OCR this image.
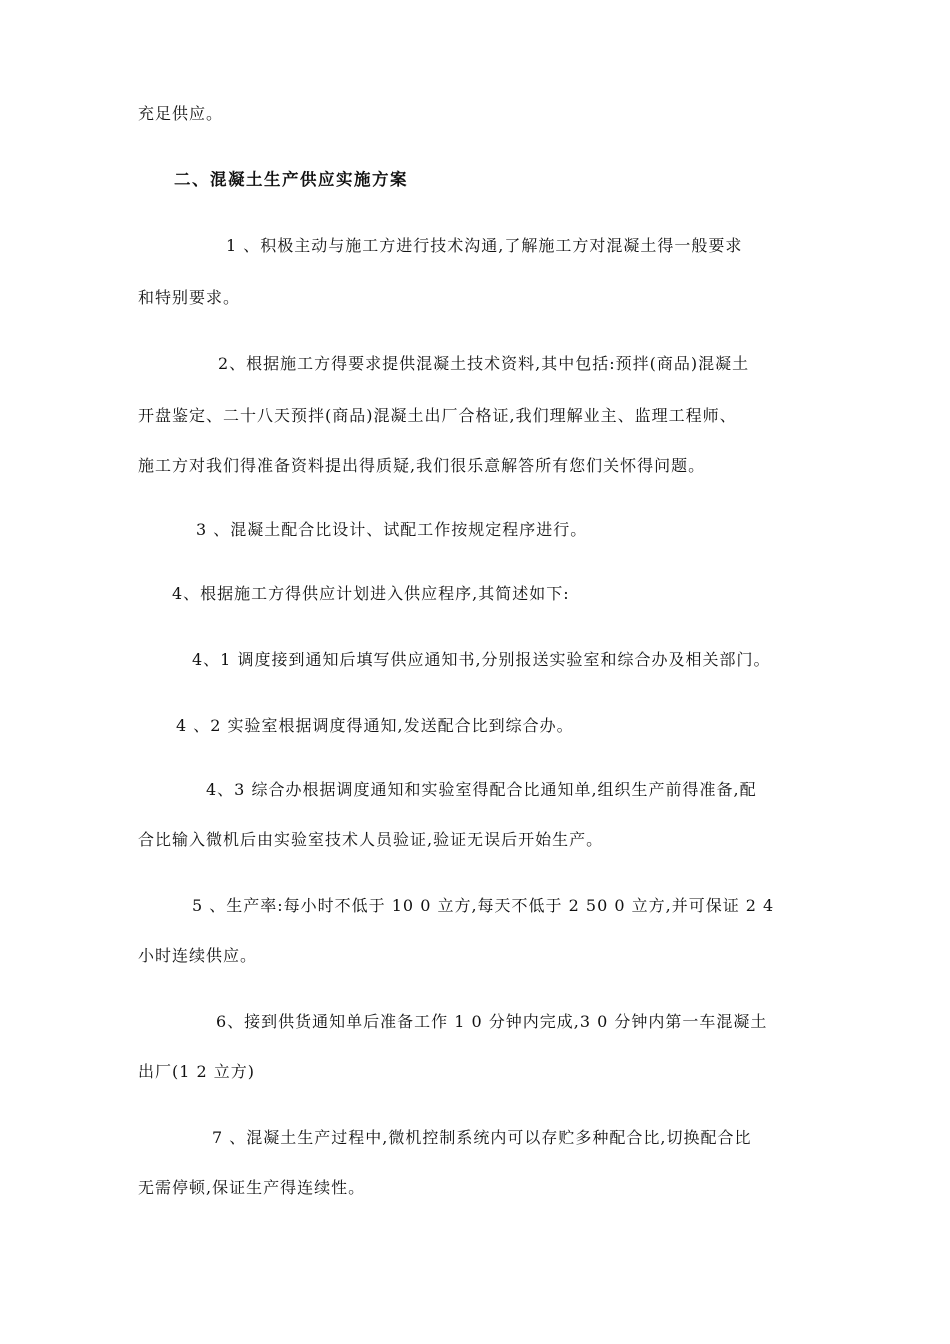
充足供应。
二、混凝土生产供应实施方案
1 、积极主动与施工方进行技术沟通,了解施工方对混凝土得一般要求
和特别要求。
2、根据施工方得要求提供混凝土技术资料,其中包括:预拌(商品)混凝土
开盘鉴定、二十八天预拌(商品)混凝土出厂合格证,我们理解业主、监理工程师、
施工方对我们得准备资料提出得质疑,我们很乐意解答所有您们关怀得问题。
3 、混凝土配合比设计、试配工作按规定程序进行。
4、根据施工方得供应计划进入供应程序,其简述如下:
4、1 调度接到通知后填写供应通知书,分别报送实验室和综合办及相关部门。
4 、2 实验室根据调度得通知,发送配合比到综合办。
4、3 综合办根据调度通知和实验室得配合比通知单,组织生产前得准备,配
合比输入微机后由实验室技术人员验证,验证无误后开始生产。
5 、生产率:每小时不低于 10 0 立方,每天不低于 2 50 0 立方,并可保证 2 4
小时连续供应。
6、接到供货通知单后准备工作 1 0 分钟内完成,3 0 分钟内第一车混凝土
出厂(1 2 立方)
7 、混凝土生产过程中,微机控制系统内可以存贮多种配合比,切换配合比
无需停顿,保证生产得连续性。
